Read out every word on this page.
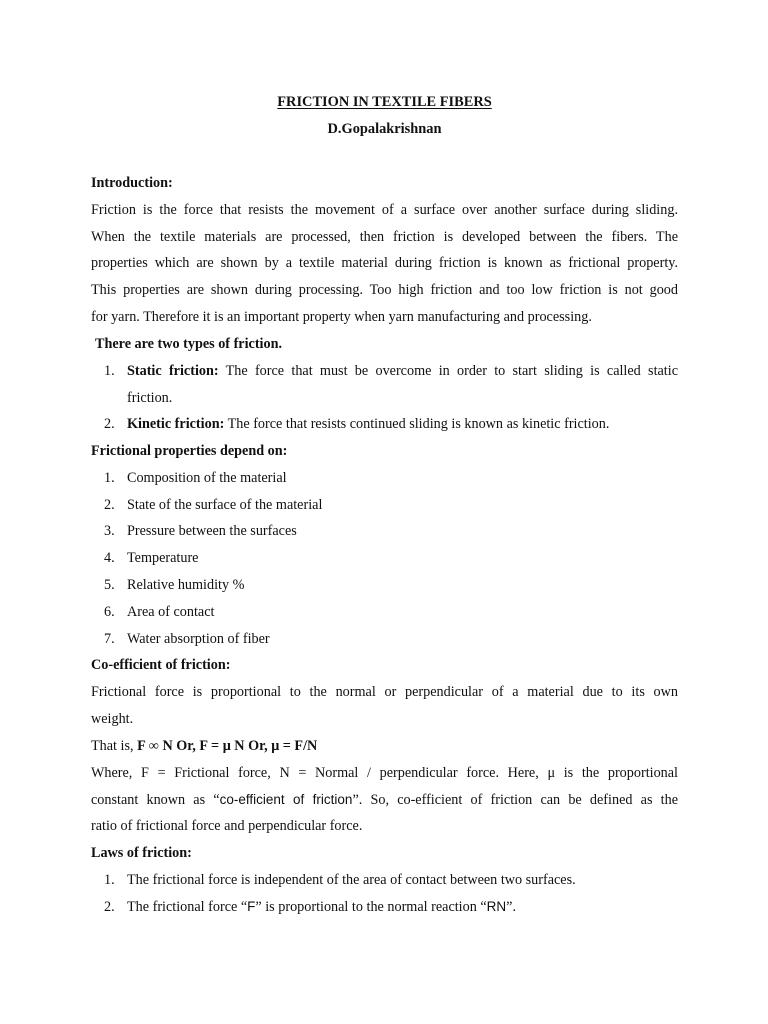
FRICTION IN TEXTILE FIBERS
D.Gopalakrishnan
Introduction:
Friction is the force that resists the movement of a surface over another surface during sliding.
When the textile materials are processed, then friction is developed between the fibers. The
properties which are shown by a textile material during friction is known as frictional property.
This properties are shown during processing. Too high friction and too low friction is not good
for yarn. Therefore it is an important property when yarn manufacturing and processing.
There are two types of friction.
1. Static friction: The force that must be overcome in order to start sliding is called static
friction.
2. Kinetic friction: The force that resists continued sliding is known as kinetic friction.
Frictional properties depend on:
1. Composition of the material
2. State of the surface of the material
3. Pressure between the surfaces
4. Temperature
5. Relative humidity %
6. Area of contact
7. Water absorption of fiber
Co-efficient of friction:
Frictional force is proportional to the normal or perpendicular of a material due to its own
weight.
That is, F ∞ N Or, F = μ N Or, μ = F/N
Where, F = Frictional force, N = Normal / perpendicular force. Here, μ is the proportional
constant known as “co-efficient of friction”. So, co-efficient of friction can be defined as the
ratio of frictional force and perpendicular force.
Laws of friction:
1. The frictional force is independent of the area of contact between two surfaces.
2. The frictional force “F” is proportional to the normal reaction “RN”.
